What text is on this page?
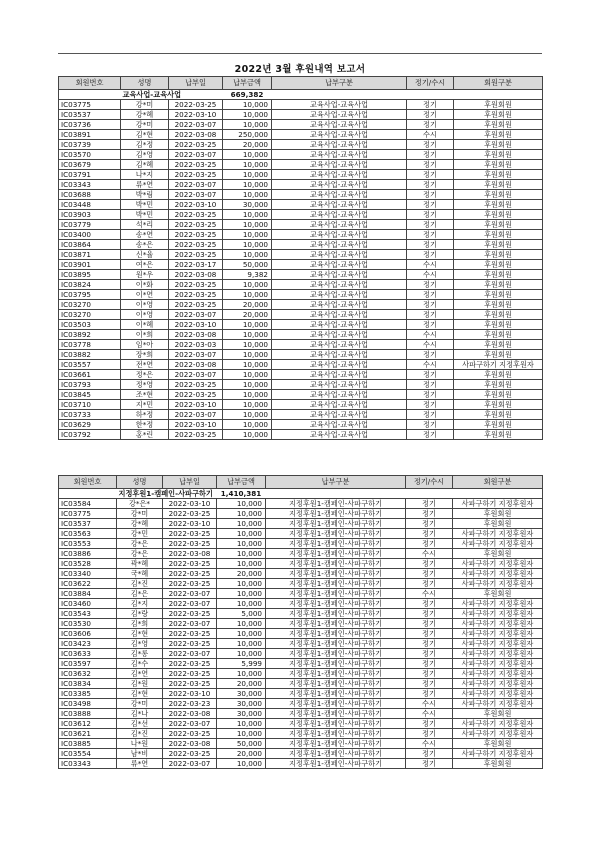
2022년 3월 후원내역 보고서
회원번호	성명	납부일	납부금액	납부구분	정기/수시	회원구분
	교육사업-교육사업		669,382			
IC03775	강*미	2022-03-25	10,000	교육사업-교육사업	정기	후원회원
IC03537	강*혜	2022-03-10	10,000	교육사업-교육사업	정기	후원회원
IC03736	강*미	2022-03-07	10,000	교육사업-교육사업	정기	후원회원
IC03891	김*현	2022-03-08	250,000	교육사업-교육사업	수시	후원회원
IC03739	김*정	2022-03-25	20,000	교육사업-교육사업	정기	후원회원
IC03570	김*영	2022-03-07	10,000	교육사업-교육사업	정기	후원회원
IC03679	김*혜	2022-03-25	10,000	교육사업-교육사업	정기	후원회원
IC03791	나*지	2022-03-25	10,000	교육사업-교육사업	정기	후원회원
IC03343	류*연	2022-03-07	10,000	교육사업-교육사업	정기	후원회원
IC03688	박*림	2022-03-07	10,000	교육사업-교육사업	정기	후원회원
IC03448	박*민	2022-03-10	30,000	교육사업-교육사업	정기	후원회원
IC03903	박*민	2022-03-25	10,000	교육사업-교육사업	정기	후원회원
IC03779	석*리	2022-03-25	10,000	교육사업-교육사업	정기	후원회원
IC03400	송*연	2022-03-25	10,000	교육사업-교육사업	정기	후원회원
IC03864	송*은	2022-03-25	10,000	교육사업-교육사업	정기	후원회원
IC03871	신*율	2022-03-25	10,000	교육사업-교육사업	정기	후원회원
IC03901	여*은	2022-03-17	50,000	교육사업-교육사업	수시	후원회원
IC03895	원*우	2022-03-08	9,382	교육사업-교육사업	수시	후원회원
IC03824	이*화	2022-03-25	10,000	교육사업-교육사업	정기	후원회원
IC03795	이*연	2022-03-25	10,000	교육사업-교육사업	정기	후원회원
IC03270	이*영	2022-03-25	20,000	교육사업-교육사업	정기	후원회원
IC03270	이*영	2022-03-07	20,000	교육사업-교육사업	정기	후원회원
IC03503	이*혜	2022-03-10	10,000	교육사업-교육사업	정기	후원회원
IC03892	이*희	2022-03-08	10,000	교육사업-교육사업	수시	후원회원
IC03778	임*아	2022-03-03	10,000	교육사업-교육사업	수시	후원회원
IC03882	장*희	2022-03-07	10,000	교육사업-교육사업	정기	후원회원
IC03557	전*연	2022-03-08	10,000	교육사업-교육사업	수시	사파구하기 지정후원자
IC03661	정*은	2022-03-07	10,000	교육사업-교육사업	정기	후원회원
IC03793	정*영	2022-03-25	10,000	교육사업-교육사업	정기	후원회원
IC03845	조*현	2022-03-25	10,000	교육사업-교육사업	정기	후원회원
IC03710	지*민	2022-03-10	10,000	교육사업-교육사업	정기	후원회원
IC03733	하*정	2022-03-07	10,000	교육사업-교육사업	정기	후원회원
IC03629	한*정	2022-03-10	10,000	교육사업-교육사업	정기	후원회원
IC03792	홍*린	2022-03-25	10,000	교육사업-교육사업	정기	후원회원
회원번호	성명	납부일	납부금액	납부구분	정기/수시	회원구분
	지정후원1-캠페인-사파구하기		1,410,381			
IC03584	강*은*	2022-03-10	10,000	지정후원1-캠페인-사파구하기	정기	사파구하기 지정후원자
IC03775	강*미	2022-03-25	10,000	지정후원1-캠페인-사파구하기	정기	후원회원
IC03537	강*혜	2022-03-10	10,000	지정후원1-캠페인-사파구하기	정기	후원회원
IC03563	강*민	2022-03-25	10,000	지정후원1-캠페인-사파구하기	정기	사파구하기 지정후원자
IC03553	강*은	2022-03-25	10,000	지정후원1-캠페인-사파구하기	정기	사파구하기 지정후원자
IC03886	강*은	2022-03-08	10,000	지정후원1-캠페인-사파구하기	수시	후원회원
IC03528	곽*혜	2022-03-25	10,000	지정후원1-캠페인-사파구하기	정기	사파구하기 지정후원자
IC03340	국*혜	2022-03-25	20,000	지정후원1-캠페인-사파구하기	정기	사파구하기 지정후원자
IC03622	김*진	2022-03-25	10,000	지정후원1-캠페인-사파구하기	정기	사파구하기 지정후원자
IC03884	김*은	2022-03-07	10,000	지정후원1-캠페인-사파구하기	수시	후원회원
IC03460	김*지	2022-03-07	10,000	지정후원1-캠페인-사파구하기	정기	사파구하기 지정후원자
IC03543	김*랑	2022-03-25	5,000	지정후원1-캠페인-사파구하기	정기	사파구하기 지정후원자
IC03530	김*희	2022-03-07	10,000	지정후원1-캠페인-사파구하기	정기	사파구하기 지정후원자
IC03606	김*현	2022-03-25	10,000	지정후원1-캠페인-사파구하기	정기	사파구하기 지정후원자
IC03423	김*영	2022-03-25	10,000	지정후원1-캠페인-사파구하기	정기	사파구하기 지정후원자
IC03633	김*롱	2022-03-07	10,000	지정후원1-캠페인-사파구하기	정기	사파구하기 지정후원자
IC03597	김*수	2022-03-25	5,999	지정후원1-캠페인-사파구하기	정기	사파구하기 지정후원자
IC03632	김*연	2022-03-25	10,000	지정후원1-캠페인-사파구하기	정기	사파구하기 지정후원자
IC03834	김*원	2022-03-25	20,000	지정후원1-캠페인-사파구하기	정기	사파구하기 지정후원자
IC03385	김*현	2022-03-10	30,000	지정후원1-캠페인-사파구하기	정기	사파구하기 지정후원자
IC03498	강*미	2022-03-23	30,000	지정후원1-캠페인-사파구하기	수시	사파구하기 지정후원자
IC03888	김*나	2022-03-08	30,000	지정후원1-캠페인-사파구하기	수시	후원회원
IC03612	김*선	2022-03-07	10,000	지정후원1-캠페인-사파구하기	정기	사파구하기 지정후원자
IC03621	김*진	2022-03-25	10,000	지정후원1-캠페인-사파구하기	정기	사파구하기 지정후원자
IC03885	나*원	2022-03-08	50,000	지정후원1-캠페인-사파구하기	수시	후원회원
IC03554	남*비	2022-03-25	20,000	지정후원1-캠페인-사파구하기	정기	사파구하기 지정후원자
IC03343	류*연	2022-03-07	10,000	지정후원1-캠페인-사파구하기	정기	후원회원
